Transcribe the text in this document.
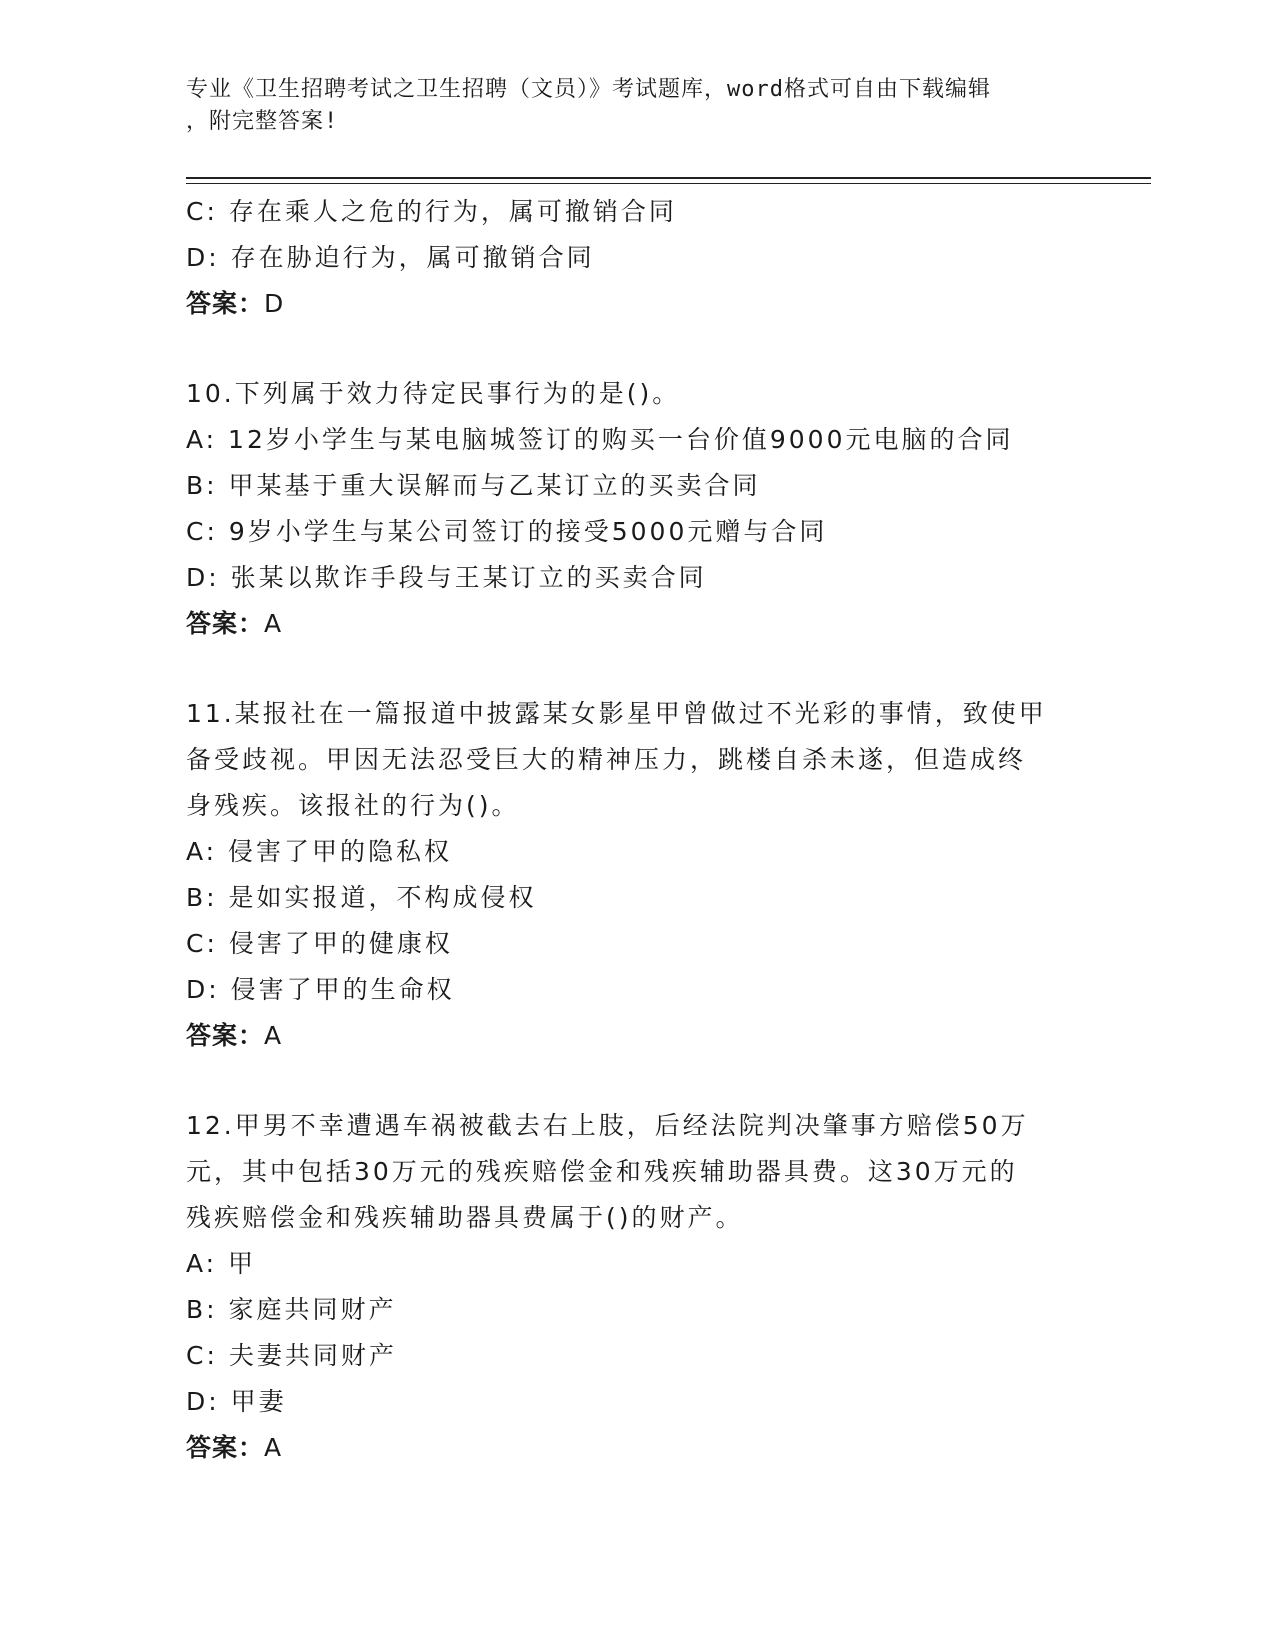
专业《卫生招聘考试之卫生招聘（文员）》考试题库，word格式可自由下载编辑
，附完整答案!
C: 存在乘人之危的行为，属可撤销合同
D: 存在胁迫行为，属可撤销合同
答案：D
10.下列属于效力待定民事行为的是()。
A: 12岁小学生与某电脑城签订的购买一台价值9000元电脑的合同
B: 甲某基于重大误解而与乙某订立的买卖合同
C: 9岁小学生与某公司签订的接受5000元赠与合同
D: 张某以欺诈手段与王某订立的买卖合同
答案：A
11.某报社在一篇报道中披露某女影星甲曾做过不光彩的事情，致使甲
备受歧视。甲因无法忍受巨大的精神压力，跳楼自杀未遂，但造成终
身残疾。该报社的行为()。
A: 侵害了甲的隐私权
B: 是如实报道，不构成侵权
C: 侵害了甲的健康权
D: 侵害了甲的生命权
答案：A
12.甲男不幸遭遇车祸被截去右上肢，后经法院判决肇事方赔偿50万
元，其中包括30万元的残疾赔偿金和残疾辅助器具费。这30万元的
残疾赔偿金和残疾辅助器具费属于()的财产。
A: 甲
B: 家庭共同财产
C: 夫妻共同财产
D: 甲妻
答案：A
